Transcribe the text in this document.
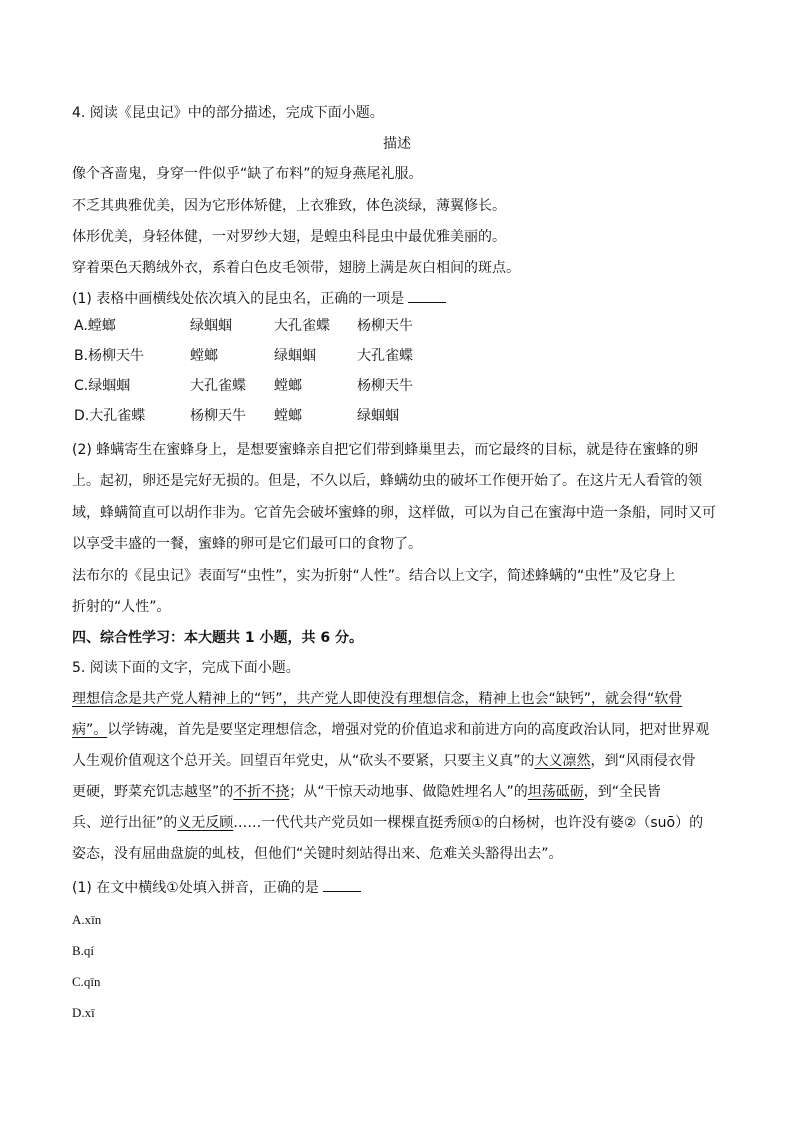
4. 阅读《昆虫记》中的部分描述，完成下面小题。
描述
像个吝啬鬼，身穿一件似乎“缺了布料”的短身燕尾礼服。
不乏其典雅优美，因为它形体矫健，上衣雅致，体色淡绿，薄翼修长。
体形优美，身轻体健，一对罗纱大翅，是蝗虫科昆虫中最优雅美丽的。
穿着栗色天鹅绒外衣，系着白色皮毛领带，翅膀上满是灰白相间的斑点。
(1) 表格中画横线处依次填入的昆虫名，正确的一项是
A.螳螂	绿蝈蝈	大孔雀蝶 杨柳天牛
B.杨柳天牛	螳螂	绿蝈蝈	大孔雀蝶
C.绿蝈蝈	大孔雀蝶 螳螂	杨柳天牛
D.大孔雀蝶	杨柳天牛 螳螂	绿蝈蝈
(2) 蜂螨寄生在蜜蜂身上，是想要蜜蜂亲自把它们带到蜂巢里去，而它最终的目标，就是待在蜜蜂的卵
上。起初，卵还是完好无损的。但是，不久以后，蜂螨幼虫的破坏工作便开始了。在这片无人看管的领
域，蜂螨简直可以胡作非为。它首先会破坏蜜蜂的卵，这样做，可以为自己在蜜海中造一条船，同时又可
以享受丰盛的一餐，蜜蜂的卵可是它们最可口的食物了。
法布尔的《昆虫记》表面写“虫性”，实为折射“人性”。结合以上文字，简述蜂螨的“虫性”及它身上
折射的“人性”。
四、综合性学习：本大题共 1 小题，共 6 分。
5. 阅读下面的文字，完成下面小题。
理想信念是共产党人精神上的“钙”，共产党人即使没有理想信念，精神上也会“缺钙”，就会得“软骨
病”。以学铸魂，首先是要坚定理想信念，增强对党的价值追求和前进方向的高度政治认同，把对世界观
人生观价值观这个总开关。回望百年党史，从“砍头不要紧，只要主义真”的大义凛然，到“风雨侵衣骨
更硬，野菜充饥志越坚”的不折不挠；从“干惊天动地事、做隐姓埋名人”的坦荡砥砺，到“全民皆
兵、逆行出征”的义无反顾……一代代共产党员如一棵棵直挺秀颀①的白杨树，也许没有婆②（suō）的
姿态，没有屈曲盘旋的虬枝，但他们“关键时刻站得出来、危难关头豁得出去”。
(1) 在文中横线①处填入拼音，正确的是
A.xīn
B.qí
C.qīn
D.xī
